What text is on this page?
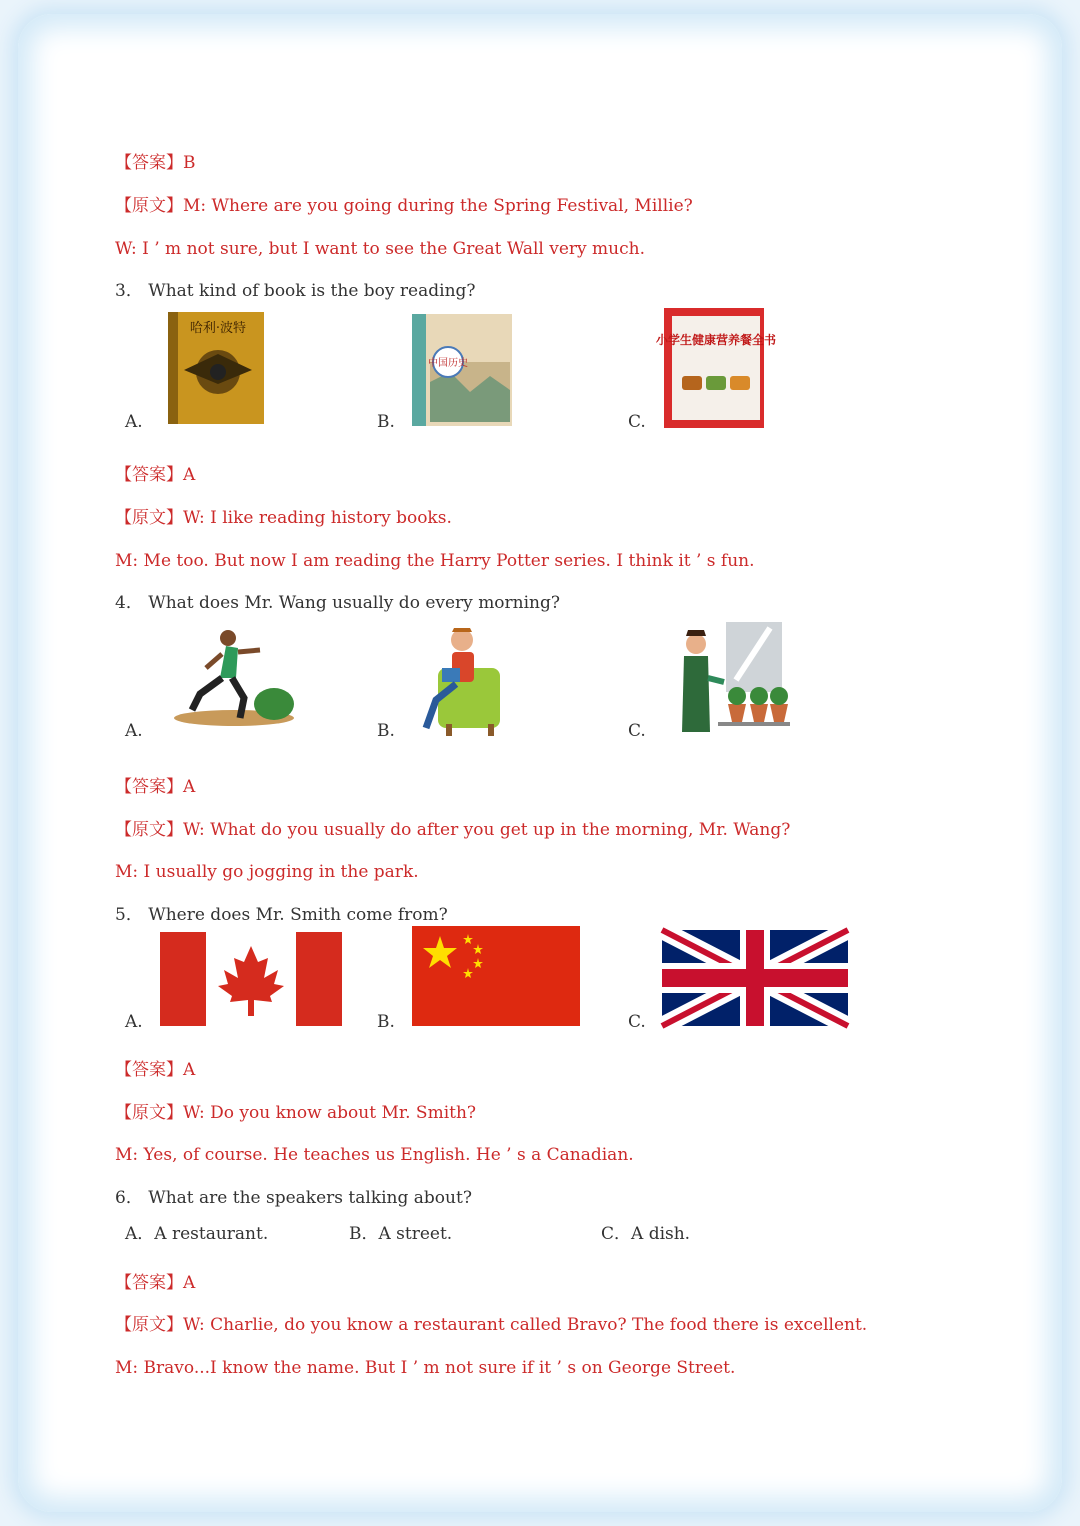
【答案】B
【原文】M: Where are you going during the Spring Festival, Millie?
W: I ’ m not sure, but I want to see the Great Wall very much.
3． What kind of book is the boy reading?
A.
哈利·波特
B.
中国历史
C.
小学生健康营养餐全书
【答案】A
【原文】W: I like reading history books.
M: Me too. But now I am reading the Harry Potter series. I think it ’ s fun.
4． What does Mr. Wang usually do every morning?
A.	B.	C.
【答案】A
【原文】W: What do you usually do after you get up in the morning, Mr. Wang?
M: I usually go jogging in the park.
5． Where does Mr. Smith come from?
A.	B.	C.
【答案】A
【原文】W: Do you know about Mr. Smith?
M: Yes, of course. He teaches us English. He ’ s a Canadian.
6． What are the speakers talking about?
A．A restaurant.	B．A street.	C．A dish.
【答案】A
【原文】W: Charlie, do you know a restaurant called Bravo? The food there is excellent.
M: Bravo...I know the name. But I ’ m not sure if it ’ s on George Street.
